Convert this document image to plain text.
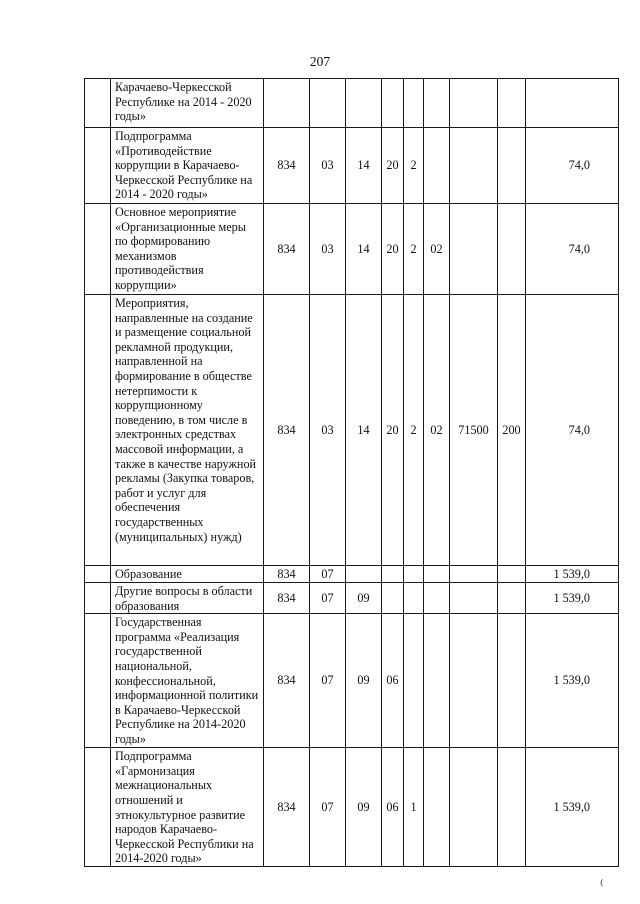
207
	Карачаево-Черкесской Республике на 2014 - 2020 годы»									
	Подпрограмма «Противодействие коррупции в Карачаево-Черкесской Республике на 2014 - 2020 годы»	834	03	14	20	2				74,0
	Основное мероприятие «Организационные меры по формированию механизмов противодействия коррупции»	834	03	14	20	2	02			74,0
	Мероприятия, направленные на создание и размещение социальной рекламной продукции, направленной на формирование в обществе нетерпимости к коррупционному поведению, в том числе в электронных средствах массовой информации, а также в качестве наружной рекламы (Закупка товаров, работ и услуг для обеспечения государственных (муниципальных) нужд)	834	03	14	20	2	02	71500	200	74,0
	Образование	834	07							1 539,0
	Другие вопросы в области образования	834	07	09						1 539,0
	Государственная программа «Реализация государственной национальной, конфессиональной, информационной политики в Карачаево-Черкесской Республике на 2014-2020 годы»	834	07	09	06					1 539,0
	Подпрограмма «Гармонизация межнациональных отношений и этнокультурное развитие народов Карачаево-Черкесской Республики на 2014-2020 годы»	834	07	09	06	1				1 539,0
⁽
